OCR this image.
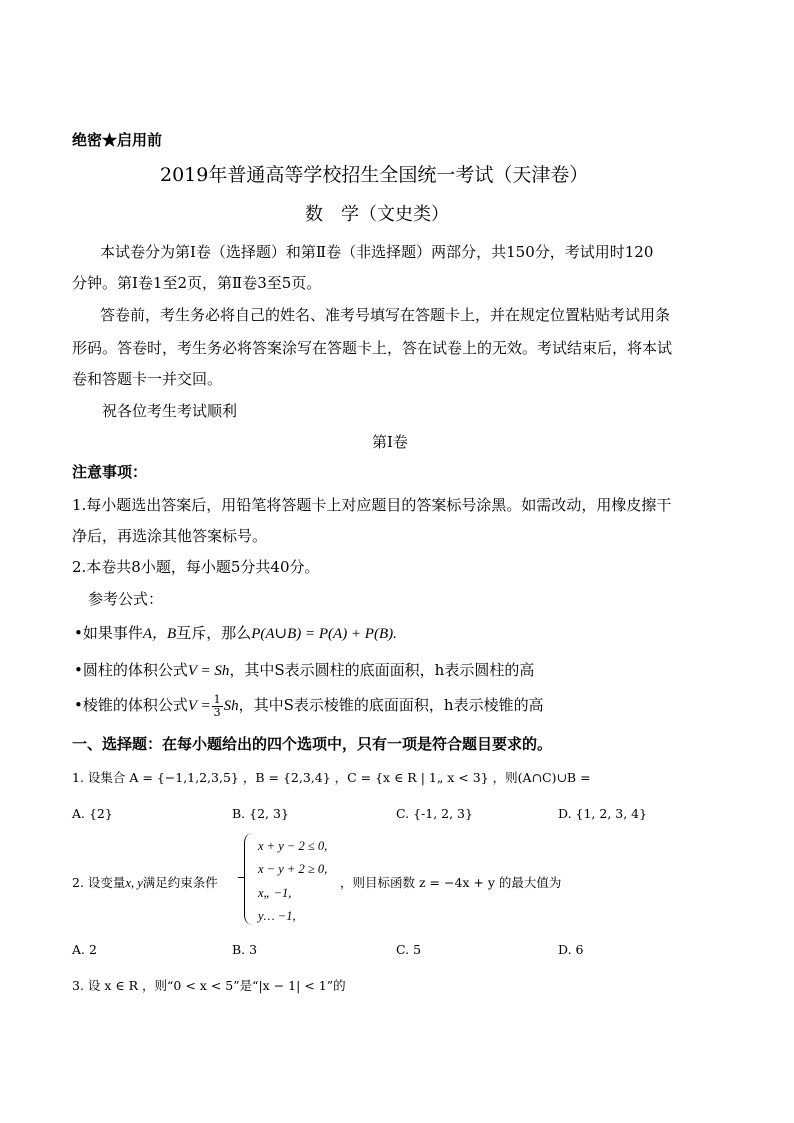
绝密★启用前
2019年普通高等学校招生全国统一考试（天津卷）
数　学（文史类）
本试卷分为第Ⅰ卷（选择题）和第Ⅱ卷（非选择题）两部分，共150分，考试用时120
分钟。第Ⅰ卷1至2页，第Ⅱ卷3至5页。
答卷前，考生务必将自己的姓名、准考号填写在答题卡上，并在规定位置粘贴考试用条
形码。答卷时，考生务必将答案涂写在答题卡上，答在试卷上的无效。考试结束后，将本试
卷和答题卡一并交回。
祝各位考生考试顺利
第Ⅰ卷
注意事项：
1.每小题选出答案后，用铅笔将答题卡上对应题目的答案标号涂黑。如需改动，用橡皮擦干
净后，再选涂其他答案标号。
2.本卷共8小题，每小题5分共40分。
参考公式：
•如果事件A，B互斥，那么P(A∪B) = P(A) + P(B).
•圆柱的体积公式V = Sh，其中S表示圆柱的底面面积，h表示圆柱的高
•棱锥的体积公式$V = \frac{1}{3}$ Sh，其中S表示棱锥的底面面积，h表示棱锥的高
一、选择题：在每小题给出的四个选项中，只有一项是符合题目要求的。
1. 设集合 A = {−1,1,2,3,5} ，B = {2,3,4} ，C = {x ∈ R | 1„ x < 3} ，则(A∩C)∪B =
A. {2}	B. {2, 3}	C. {-1, 2, 3}	D. {1, 2, 3, 4}
2. 设变量x, y满足约束条件
x + y − 2 ≤ 0,
x − y + 2 ≥ 0,
x„ −1,
y… −1,
，则目标函数 z = −4x + y 的最大值为
A. 2	B. 3	C. 5	D. 6
3. 设 x ∈ R ，则“0 < x < 5”是“|x − 1| < 1”的
